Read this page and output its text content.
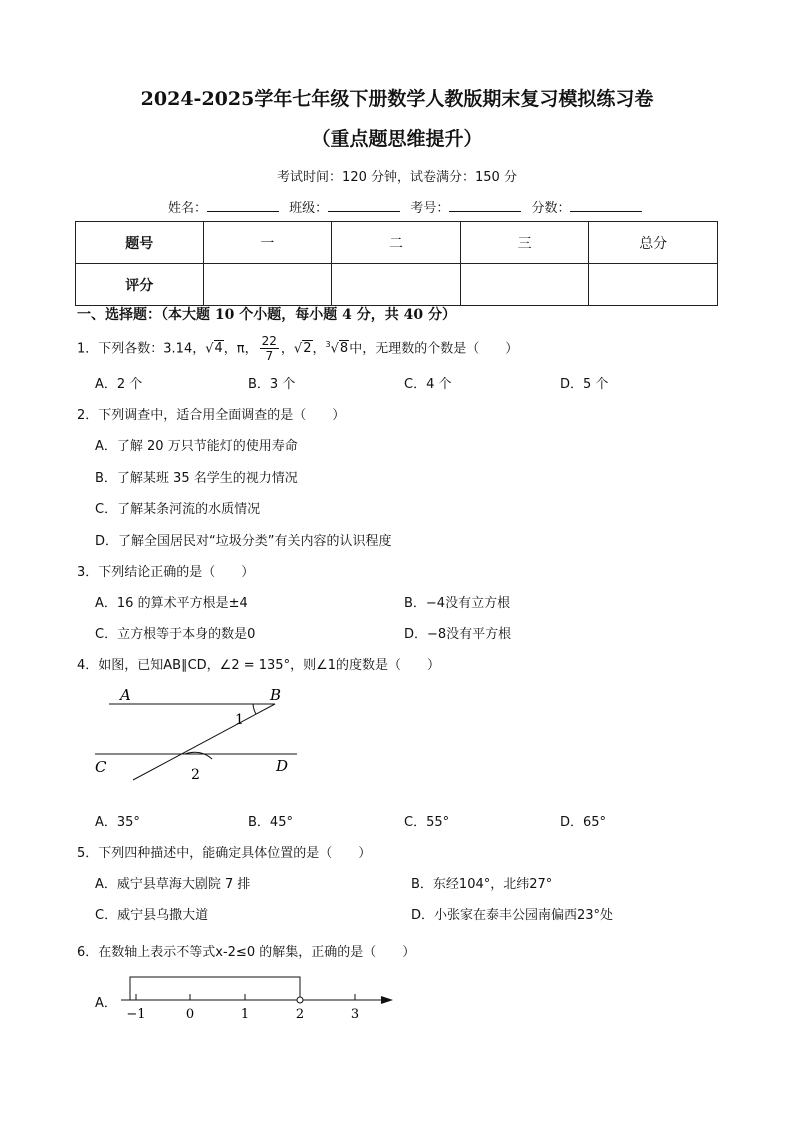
2024-2025学年七年级下册数学人教版期末复习模拟练习卷
（重点题思维提升）
考试时间：120 分钟，试卷满分：150 分
姓名：	班级：	考号：	分数：
题号	一	二	三	总分
评分				
一、选择题：（本大题 10 个小题，每小题 4 分，共 40 分）
1．下列各数：3.14，√4，π， $\frac{22}{7}$ ，√2，$^3$√8中，无理数的个数是（　　）
A．2 个	B．3 个	C．4 个	D．5 个
2．下列调查中，适合用全面调查的是（　　）
A．了解 20 万只节能灯的使用寿命
B．了解某班 35 名学生的视力情况
C．了解某条河流的水质情况
D．了解全国居民对“垃圾分类”有关内容的认识程度
3．下列结论正确的是（　　）
A．16 的算术平方根是±4	B．−4没有立方根
C．立方根等于本身的数是0	D．−8没有平方根
4．如图，已知AB∥CD，∠2 = 135°，则∠1的度数是（　　）
A	B
C	D
1
2
A．35°	B．45°	C．55°	D．65°
5．下列四种描述中，能确定具体位置的是（　　）
A．威宁县草海大剧院 7 排	B．东经104°，北纬27°
C．威宁县乌撒大道	D．小张家在泰丰公园南偏西23°处
6．在数轴上表示不等式x-2≤0 的解集，正确的是（　　）
A．
−1	0	1	2	3
